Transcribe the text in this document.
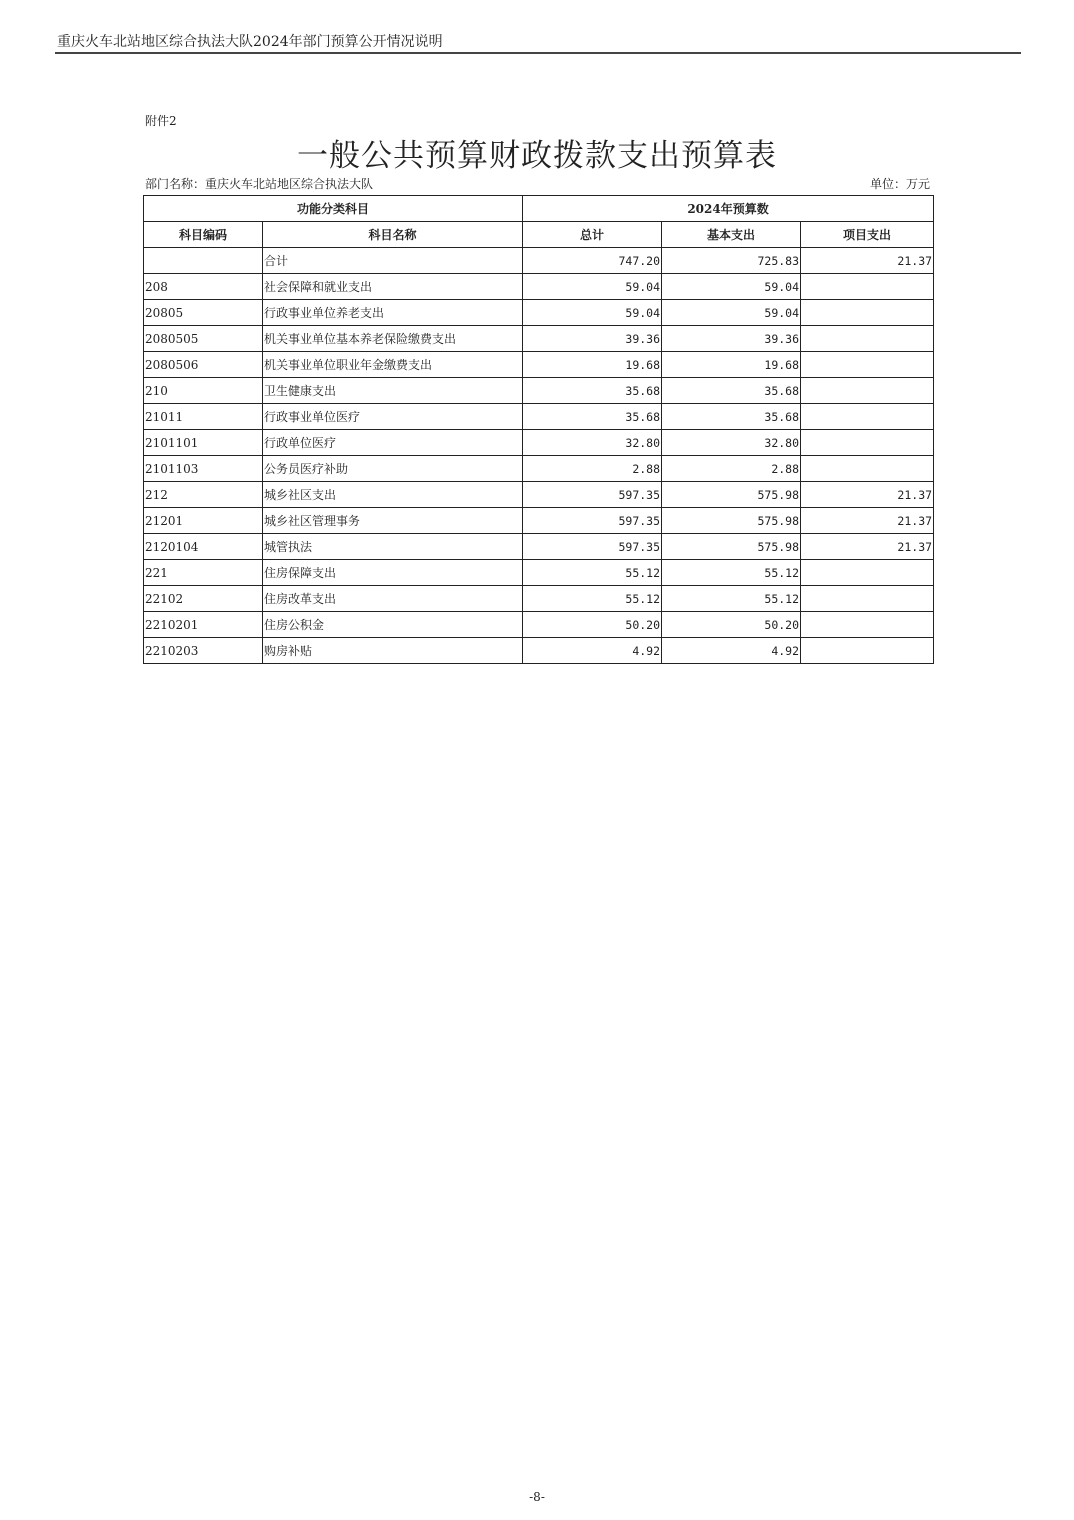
重庆火车北站地区综合执法大队2024年部门预算公开情况说明
附件2
一般公共预算财政拨款支出预算表
部门名称：重庆火车北站地区综合执法大队	单位：万元
功能分类科目		2024年预算数		
科目编码	科目名称	总计	基本支出	项目支出
	合计	747.20	725.83	21.37
208	社会保障和就业支出	59.04	59.04	
20805	行政事业单位养老支出	59.04	59.04	
2080505	机关事业单位基本养老保险缴费支出	39.36	39.36	
2080506	机关事业单位职业年金缴费支出	19.68	19.68	
210	卫生健康支出	35.68	35.68	
21011	行政事业单位医疗	35.68	35.68	
2101101	行政单位医疗	32.80	32.80	
2101103	公务员医疗补助	2.88	2.88	
212	城乡社区支出	597.35	575.98	21.37
21201	城乡社区管理事务	597.35	575.98	21.37
2120104	城管执法	597.35	575.98	21.37
221	住房保障支出	55.12	55.12	
22102	住房改革支出	55.12	55.12	
2210201	住房公积金	50.20	50.20	
2210203	购房补贴	4.92	4.92	
-8-
